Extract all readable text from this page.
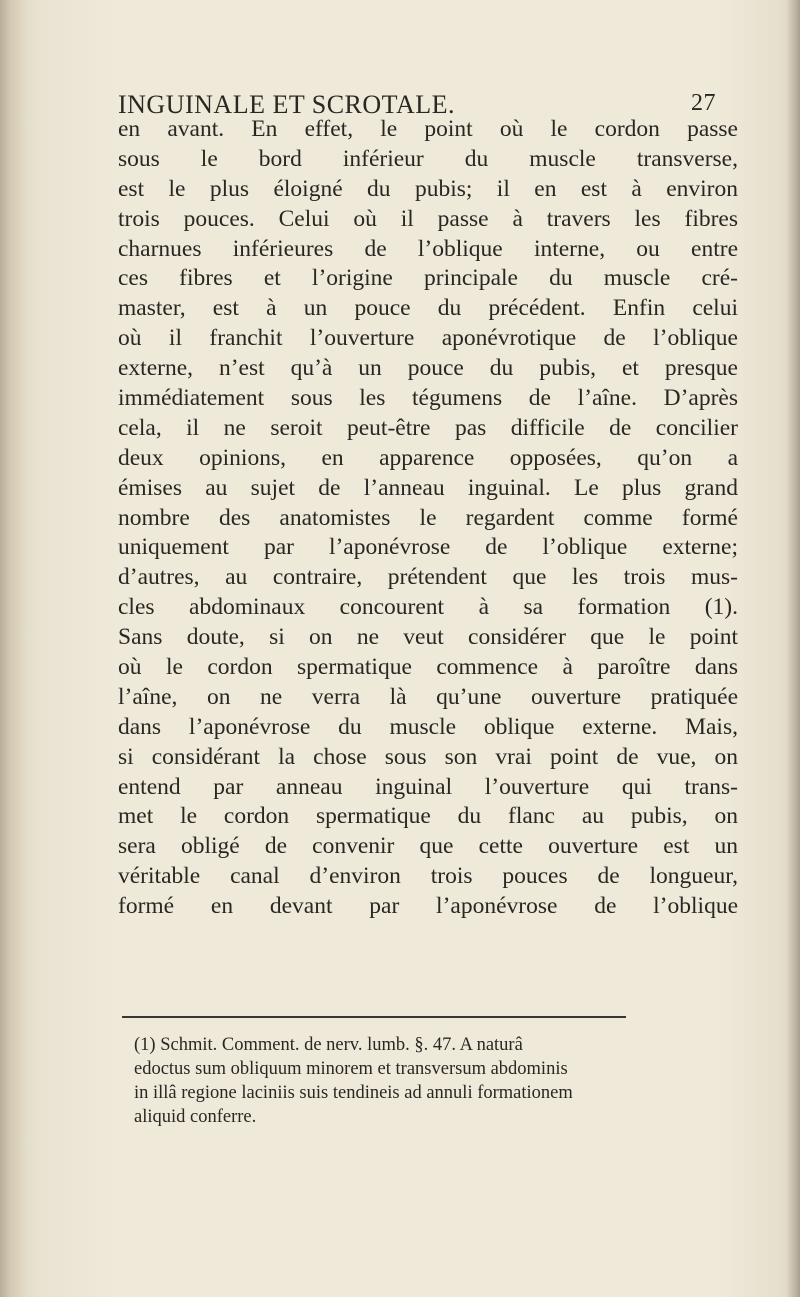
INGUINALE ET SCROTALE.	27
en avant. En effet, le point où le cordon passe
sous le bord inférieur du muscle transverse,
est le plus éloigné du pubis; il en est à environ
trois pouces. Celui où il passe à travers les fibres
charnues inférieures de l’oblique interne, ou entre
ces fibres et l’origine principale du muscle cré-
master, est à un pouce du précédent. Enfin celui
où il franchit l’ouverture aponévrotique de l’oblique
externe, n’est qu’à un pouce du pubis, et presque
immédiatement sous les tégumens de l’aîne. D’après
cela, il ne seroit peut-être pas difficile de concilier
deux opinions, en apparence opposées, qu’on a
émises au sujet de l’anneau inguinal. Le plus grand
nombre des anatomistes le regardent comme formé
uniquement par l’aponévrose de l’oblique externe;
d’autres, au contraire, prétendent que les trois mus-
cles abdominaux concourent à sa formation (1).
Sans doute, si on ne veut considérer que le point
où le cordon spermatique commence à paroître dans
l’aîne, on ne verra là qu’une ouverture pratiquée
dans l’aponévrose du muscle oblique externe. Mais,
si considérant la chose sous son vrai point de vue, on
entend par anneau inguinal l’ouverture qui trans-
met le cordon spermatique du flanc au pubis, on
sera obligé de convenir que cette ouverture est un
véritable canal d’environ trois pouces de longueur,
formé en devant par l’aponévrose de l’oblique
(1) Schmit. Comment. de nerv. lumb. §. 47. A naturâ
edoctus sum obliquum minorem et transversum abdominis
in illâ regione laciniis suis tendineis ad annuli formationem
aliquid conferre.
